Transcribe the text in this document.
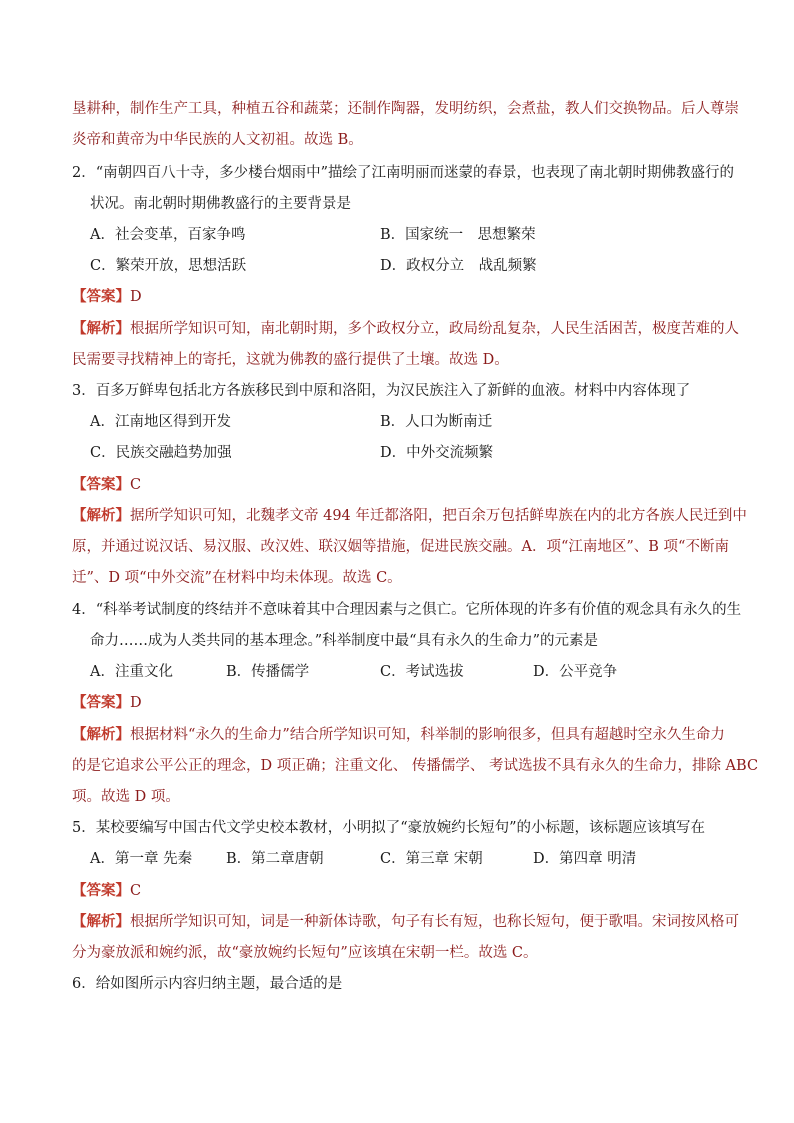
垦耕种，制作生产工具，种植五谷和蔬菜；还制作陶器，发明纺织，会煮盐，教人们交换物品。后人尊崇
炎帝和黄帝为中华民族的人文初祖。故选 B。
2．“南朝四百八十寺，多少楼台烟雨中”描绘了江南明丽而迷蒙的春景，也表现了南北朝时期佛教盛行的
状况。南北朝时期佛教盛行的主要背景是
A．社会变革，百家争鸣	B．国家统一　思想繁荣
C．繁荣开放，思想活跃	D．政权分立　战乱频繁
【答案】D
【解析】根据所学知识可知，南北朝时期，多个政权分立，政局纷乱复杂，人民生活困苦，极度苦难的人
民需要寻找精神上的寄托，这就为佛教的盛行提供了土壤。故选 D。
3．百多万鲜卑包括北方各族移民到中原和洛阳，为汉民族注入了新鲜的血液。材料中内容体现了
A．江南地区得到开发	B．人口为断南迁
C．民族交融趋势加强	D．中外交流频繁
【答案】C
【解析】据所学知识可知，北魏孝文帝 494 年迁都洛阳，把百余万包括鲜卑族在内的北方各族人民迁到中
原，并通过说汉话、易汉服、改汉姓、联汉姻等措施，促进民族交融。A．项“江南地区”、B 项“不断南
迁”、D 项“中外交流”在材料中均未体现。故选 C。
4．“科举考试制度的终结并不意味着其中合理因素与之俱亡。它所体现的许多有价值的观念具有永久的生
命力……成为人类共同的基本理念。”科举制度中最“具有永久的生命力”的元素是
A．注重文化	B．传播儒学	C．考试选拔	D．公平竞争
【答案】D
【解析】根据材料“永久的生命力”结合所学知识可知，科举制的影响很多，但具有超越时空永久生命力
的是它追求公平公正的理念，D 项正确；注重文化、 传播儒学、 考试选拔不具有永久的生命力，排除 ABC
项。故选 D 项。
5．某校要编写中国古代文学史校本教材，小明拟了“豪放婉约长短句”的小标题，该标题应该填写在
A．第一章 先秦 B．第二章唐朝	C．第三章 宋朝	D．第四章 明清
【答案】C
【解析】根据所学知识可知，词是一种新体诗歌，句子有长有短，也称长短句，便于歌唱。宋词按风格可
分为豪放派和婉约派，故“豪放婉约长短句”应该填在宋朝一栏。故选 C。
6．给如图所示内容归纳主题，最合适的是
